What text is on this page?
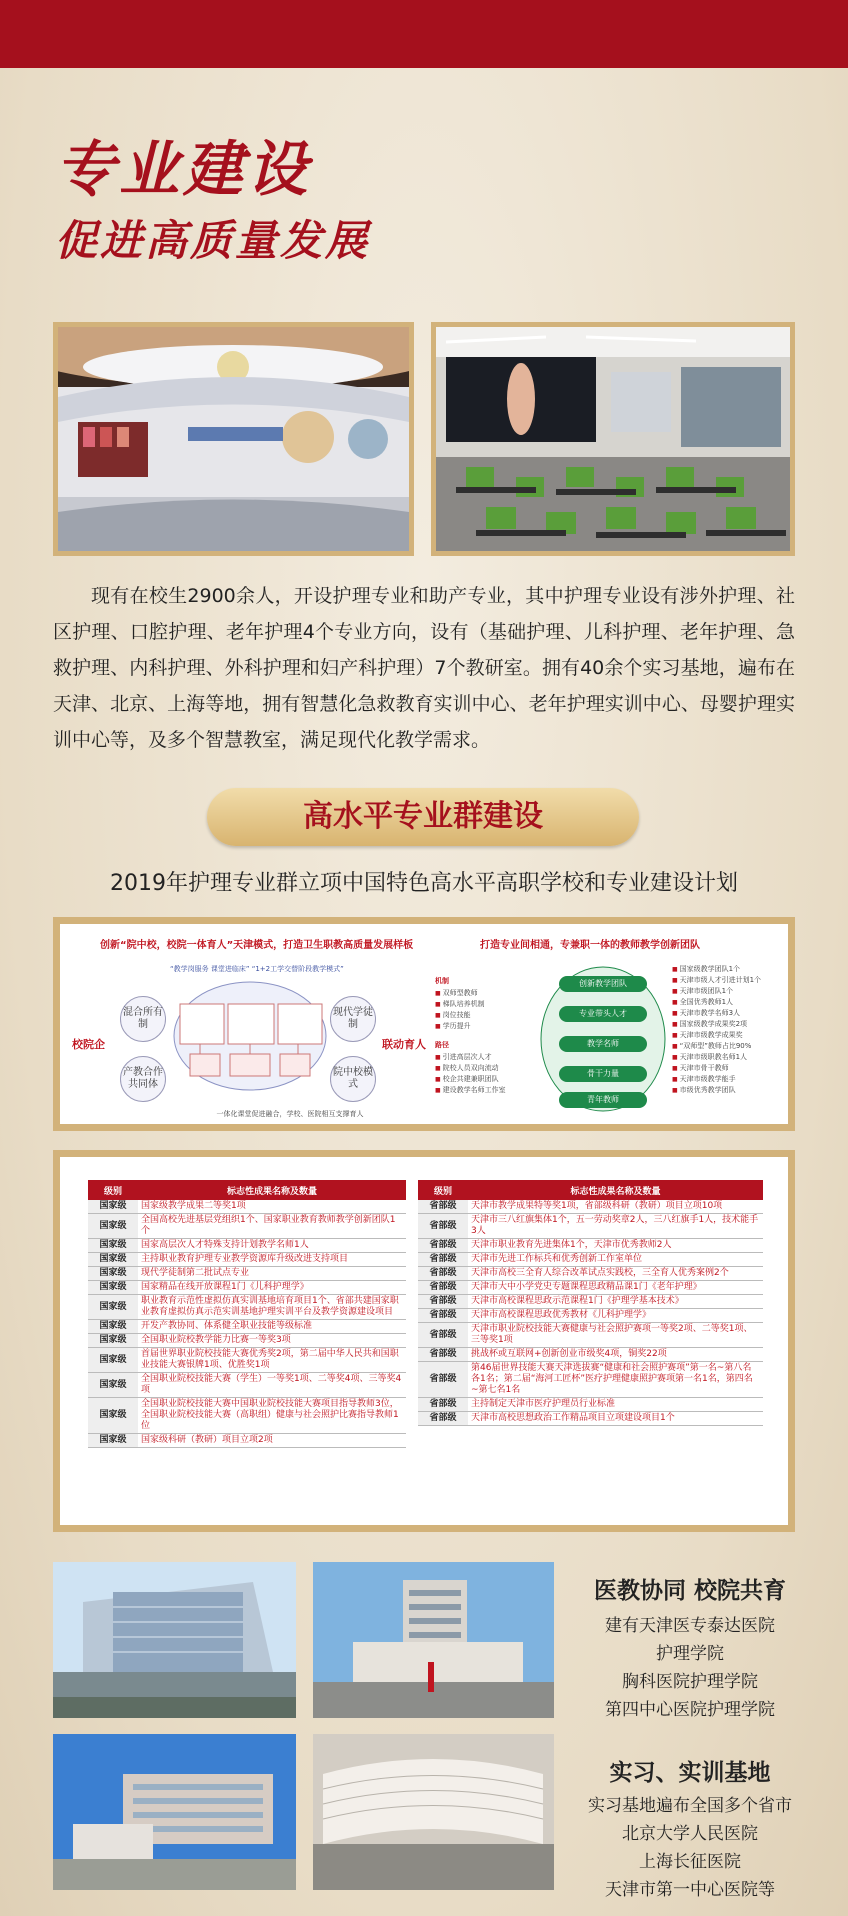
专业建设
促进高质量发展

现有在校生2900余人，开设护理专业和助产专业，其中护理专业设有涉外护理、社区护理、口腔护理、老年护理4个专业方向，设有（基础护理、儿科护理、老年护理、急救护理、内科护理、外科护理和妇产科护理）7个教研室。拥有40余个实习基地，遍布在天津、北京、上海等地，拥有智慧化急救教育实训中心、老年护理实训中心、母婴护理实训中心等，及多个智慧教室，满足现代化教学需求。

高水平专业群建设
2019年护理专业群立项中国特色高水平高职学校和专业建设计划
创新“院中校，校院一体育人”天津模式，打造卫生职教高质量发展样板	打造专业间相通，专兼职一体的教师教学创新团队
“教学岗服务 课堂进临床” “1+2工学交替阶段教学模式”
校院企	联动育人
混合所有制
产教合作共同体
现代学徒制
院中校模式
一体化课堂促进融合，学校、医院相互支撑育人
机制
■ 双师型教师
■ 梯队培养机制
■ 岗位技能
■ 学历提升
路径
■ 引进高层次人才
■ 院校人员双向流动
■ 校企共建兼职团队
■ 建设教学名师工作室
创新教学团队
专业带头人才
教学名师
骨干力量
青年教师
■ 国家级教学团队1个
■ 天津市级人才引进计划1个
■ 天津市级团队1个
■ 全国优秀教师1人
■ 天津市教学名师3人
■ 国家级教学成果奖2项
■ 天津市级教学成果奖
■ “双师型”教师占比90%
■ 天津市级职教名师1人
■ 天津市骨干教师
■ 天津市级教学能手
■ 市级优秀教学团队
级别	标志性成果名称及数量
国家级	国家级教学成果二等奖1项
国家级	全国高校先进基层党组织1个、国家职业教育教师教学创新团队1个
国家级	国家高层次人才特殊支持计划教学名师1人
国家级	主持职业教育护理专业教学资源库升级改进支持项目
国家级	现代学徒制第二批试点专业
国家级	国家精品在线开放课程1门《儿科护理学》
国家级	职业教育示范性虚拟仿真实训基地培育项目1个、省部共建国家职业教育虚拟仿真示范实训基地护理实训平台及教学资源建设项目
国家级	开发产教协同、体系健全职业技能等级标准
国家级	全国职业院校教学能力比赛一等奖3项
国家级	首届世界职业院校技能大赛优秀奖2项，第二届中华人民共和国职业技能大赛银牌1项、优胜奖1项
国家级	全国职业院校技能大赛（学生）一等奖1项、二等奖4项、三等奖4项
国家级	全国职业院校技能大赛中国职业院校技能大赛项目指导教师3位，全国职业院校技能大赛（高职组）健康与社会照护比赛指导教师1位
国家级	国家级科研（教研）项目立项2项
级别	标志性成果名称及数量
省部级	天津市教学成果特等奖1项，省部级科研（教研）项目立项10项
省部级	天津市三八红旗集体1个，五一劳动奖章2人，三八红旗手1人，技术能手3人
省部级	天津市职业教育先进集体1个，天津市优秀教师2人
省部级	天津市先进工作标兵和优秀创新工作室单位
省部级	天津市高校三全育人综合改革试点实践校，三全育人优秀案例2个
省部级	天津市大中小学党史专题课程思政精品课1门《老年护理》
省部级	天津市高校课程思政示范课程1门《护理学基本技术》
省部级	天津市高校课程思政优秀教材《儿科护理学》
省部级	天津市职业院校技能大赛健康与社会照护赛项一等奖2项、二等奖1项、三等奖1项
省部级	挑战杯或互联网+创新创业市级奖4项，铜奖22项
省部级	第46届世界技能大赛天津选拔赛“健康和社会照护赛项”第一名~第八名各1名；第二届“海河工匠杯”医疗护理健康照护赛项第一名1名，第四名~第七名1名
省部级	主持制定天津市医疗护理员行业标准
省部级	天津市高校思想政治工作精品项目立项建设项目1个
医教协同 校院共育
建有天津医专泰达医院
护理学院
胸科医院护理学院
第四中心医院护理学院
实习、实训基地
实习基地遍布全国多个省市
北京大学人民医院
上海长征医院
天津市第一中心医院等
